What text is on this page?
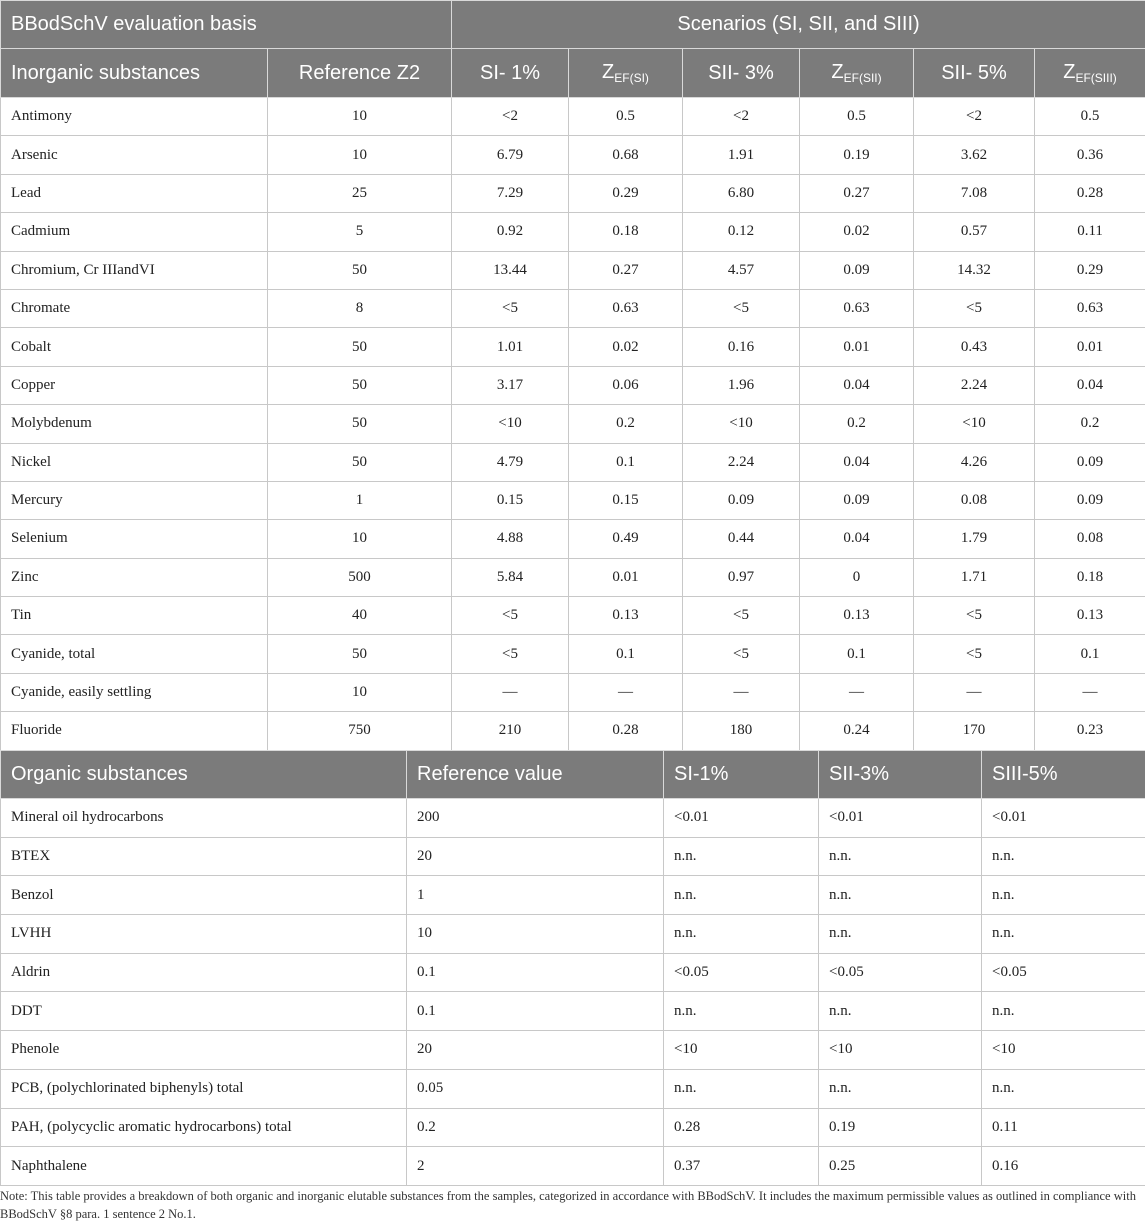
BBodSchV evaluation basis		Scenarios (SI, SII, and SIII)					
Inorganic substances	Reference Z2	SI- 1%	$Z_{EF(SI)}$	SII- 3%	$Z_{EF(SII)}$	SII- 5%	$Z_{EF(SIII)}$
Antimony	10	<2	0.5	<2	0.5	<2	0.5
Arsenic	10	6.79	0.68	1.91	0.19	3.62	0.36
Lead	25	7.29	0.29	6.80	0.27	7.08	0.28
Cadmium	5	0.92	0.18	0.12	0.02	0.57	0.11
Chromium, Cr IIIandVI	50	13.44	0.27	4.57	0.09	14.32	0.29
Chromate	8	<5	0.63	<5	0.63	<5	0.63
Cobalt	50	1.01	0.02	0.16	0.01	0.43	0.01
Copper	50	3.17	0.06	1.96	0.04	2.24	0.04
Molybdenum	50	<10	0.2	<10	0.2	<10	0.2
Nickel	50	4.79	0.1	2.24	0.04	4.26	0.09
Mercury	1	0.15	0.15	0.09	0.09	0.08	0.09
Selenium	10	4.88	0.49	0.44	0.04	1.79	0.08
Zinc	500	5.84	0.01	0.97	0	1.71	0.18
Tin	40	<5	0.13	<5	0.13	<5	0.13
Cyanide, total	50	<5	0.1	<5	0.1	<5	0.1
Cyanide, easily settling	10	—	—	—	—	—	—
Fluoride	750	210	0.28	180	0.24	170	0.23
Organic substances	Reference value	SI-1%	SII-3%	SIII-5%
Mineral oil hydrocarbons	200	<0.01	<0.01	<0.01
BTEX	20	n.n.	n.n.	n.n.
Benzol	1	n.n.	n.n.	n.n.
LVHH	10	n.n.	n.n.	n.n.
Aldrin	0.1	<0.05	<0.05	<0.05
DDT	0.1	n.n.	n.n.	n.n.
Phenole	20	<10	<10	<10
PCB, (polychlorinated biphenyls) total	0.05	n.n.	n.n.	n.n.
PAH, (polycyclic aromatic hydrocarbons) total	0.2	0.28	0.19	0.11
Naphthalene	2	0.37	0.25	0.16
Note: This table provides a breakdown of both organic and inorganic elutable substances from the samples, categorized in accordance with BBodSchV. It includes the maximum permissible values as outlined in compliance with BBodSchV §8 para. 1 sentence 2 No.1.
